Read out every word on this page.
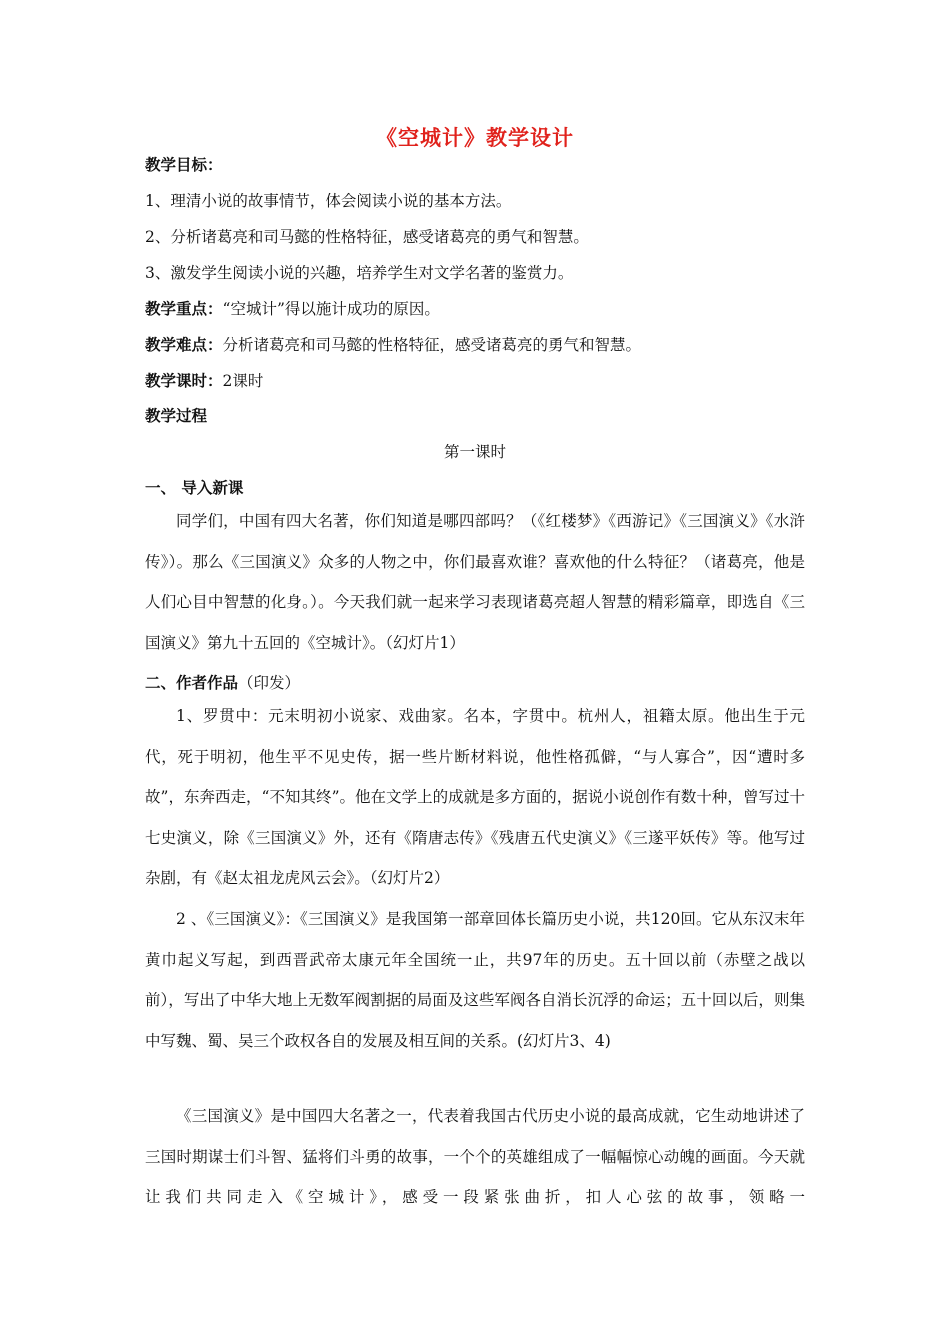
《空城计》教学设计
教学目标：
1、理清小说的故事情节，体会阅读小说的基本方法。
2、分析诸葛亮和司马懿的性格特征，感受诸葛亮的勇气和智慧。
3、激发学生阅读小说的兴趣，培养学生对文学名著的鉴赏力。
教学重点：“空城计”得以施计成功的原因。
教学难点：分析诸葛亮和司马懿的性格特征，感受诸葛亮的勇气和智慧。
教学课时：2课时
教学过程
第一课时
一、 导入新课

同学们，中国有四大名著，你们知道是哪四部吗？（《红楼梦》《西游记》《三国演义》《水浒传》）。那么《三国演义》众多的人物之中，你们最喜欢谁？喜欢他的什么特征？（诸葛亮，他是人们心目中智慧的化身。）。今天我们就一起来学习表现诸葛亮超人智慧的精彩篇章，即选自《三国演义》第九十五回的《空城计》。（幻灯片1）

二、作者作品（印发）

1、罗贯中：元末明初小说家、戏曲家。名本，字贯中。杭州人，祖籍太原。他出生于元代，死于明初，他生平不见史传，据一些片断材料说，他性格孤僻，“与人寡合”，因“遭时多故”，东奔西走，“不知其终”。他在文学上的成就是多方面的，据说小说创作有数十种，曾写过十七史演义，除《三国演义》外，还有《隋唐志传》《残唐五代史演义》《三遂平妖传》等。他写过杂剧，有《赵太祖龙虎风云会》。（幻灯片2）

2 、《三国演义》：《三国演义》是我国第一部章回体长篇历史小说，共120回。它从东汉末年黄巾起义写起，到西晋武帝太康元年全国统一止，共97年的历史。五十回以前（赤壁之战以前），写出了中华大地上无数军阀割据的局面及这些军阀各自消长沉浮的命运；五十回以后，则集中写魏、蜀、吴三个政权各自的发展及相互间的关系。(幻灯片3、4)

《三国演义》是中国四大名著之一，代表着我国古代历史小说的最高成就，它生动地讲述了三国时期谋士们斗智、猛将们斗勇的故事，一个个的英雄组成了一幅幅惊心动魄的画面。今天就让我们共同走入《空城计》，感受一段紧张曲折，扣人心弦的故事，领略一
